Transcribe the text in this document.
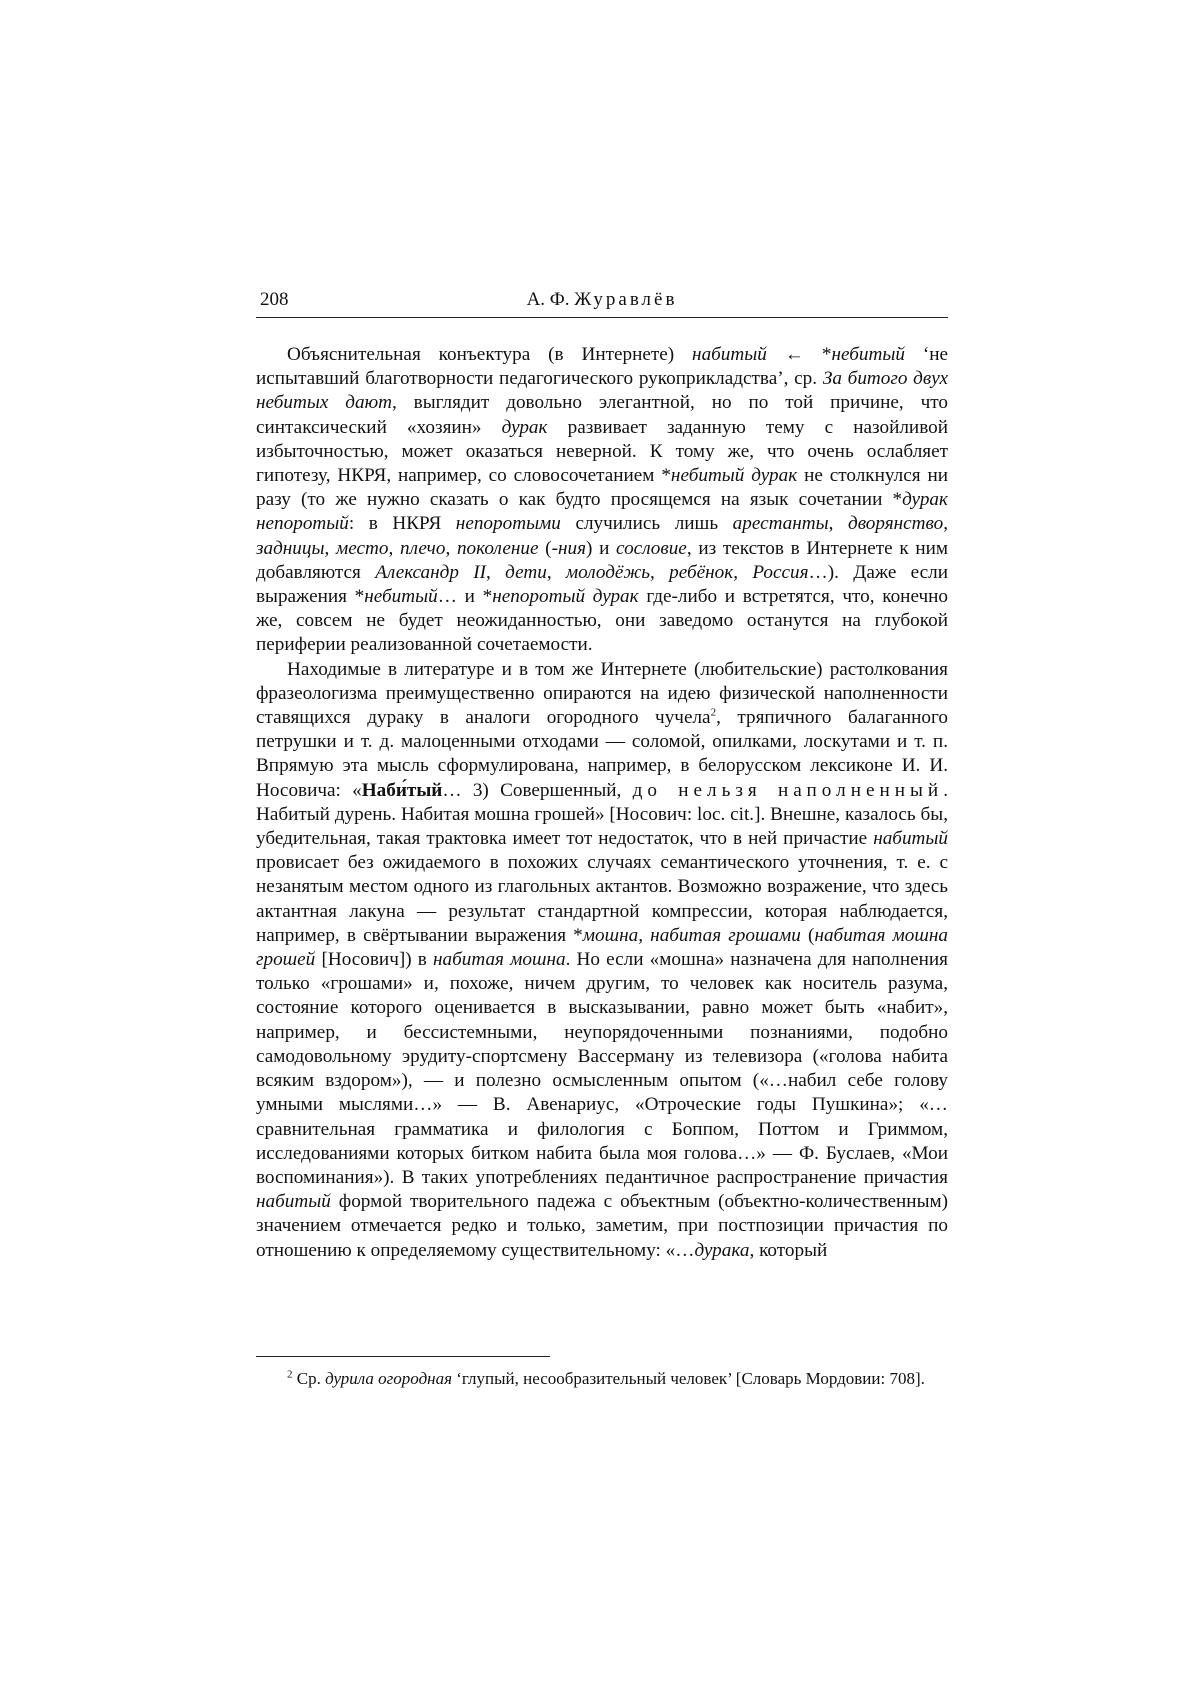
208	А. Ф. Журавлёв

Объяснительная конъектура (в Интернете) набитый ← *небитый ‘не испытавший благотворности педагогического рукоприкладства’, ср. За битого двух небитых дают, выглядит довольно элегантной, но по той причине, что синтаксический «хозяин» дурак развивает заданную тему с назойливой избыточностью, может оказаться неверной. К тому же, что очень ослабляет гипотезу, НКРЯ, например, со словосочетанием *небитый дурак не столкнулся ни разу (то же нужно сказать о как будто просящемся на язык сочетании *дурак непоротый: в НКРЯ непоротыми случились лишь арестанты, дворянство, задницы, место, плечо, поколение (-ния) и сословие, из текстов в Интернете к ним добавляются Александр II, дети, молодёжь, ребёнок, Россия…). Даже если выражения *небитый… и *непоротый дурак где-либо и встретятся, что, конечно же, совсем не будет неожиданностью, они заведомо останутся на глубокой периферии реализованной сочетаемости.

Находимые в литературе и в том же Интернете (любительские) растолкования фразеологизма преимущественно опираются на идею физической наполненности ставящихся дураку в аналоги огородного чучела$^2$, тряпичного балаганного петрушки и т. д. малоценными отходами — соломой, опилками, лоскутами и т. п. Впрямую эта мысль сформулирована, например, в белорусском лексиконе И. И. Носовича: «Наби́тый… 3) Совершенный, до нельзя наполненный. Набитый дурень. Набитая мошна грошей» [Носович: loc. cit.]. Внешне, казалось бы, убедительная, такая трактовка имеет тот недостаток, что в ней причастие набитый провисает без ожидаемого в похожих случаях семантического уточнения, т. е. с незанятым местом одного из глагольных актантов. Возможно возражение, что здесь актантная лакуна — результат стандартной компрессии, которая наблюдается, например, в свёртывании выражения *мошна, набитая грошами (набитая мошна грошей [Носович]) в набитая мошна. Но если «мошна» назначена для наполнения только «грошами» и, похоже, ничем другим, то человек как носитель разума, состояние которого оценивается в высказывании, равно может быть «набит», например, и бессистемными, неупорядоченными познаниями, подобно самодовольному эрудиту-спортсмену Вассерману из телевизора («голова набита всяким вздором»), — и полезно осмысленным опытом («…набил себе голову умными мыслями…» — В. Авенариус, «Отроческие годы Пушкина»; «…сравнительная грамматика и филология с Боппом, Поттом и Гриммом, исследованиями которых битком набита была моя голова…» — Ф. Буслаев, «Мои воспоминания»). В таких употреблениях педантичное распространение причастия набитый формой творительного падежа с объектным (объектно-количественным) значением отмечается редко и только, заметим, при постпозиции причастия по отношению к определяемому существительному: «…дурака, который

$^2$ Ср. дурила огородная ‘глупый, несообразительный человек’ [Словарь Мордовии: 708].
